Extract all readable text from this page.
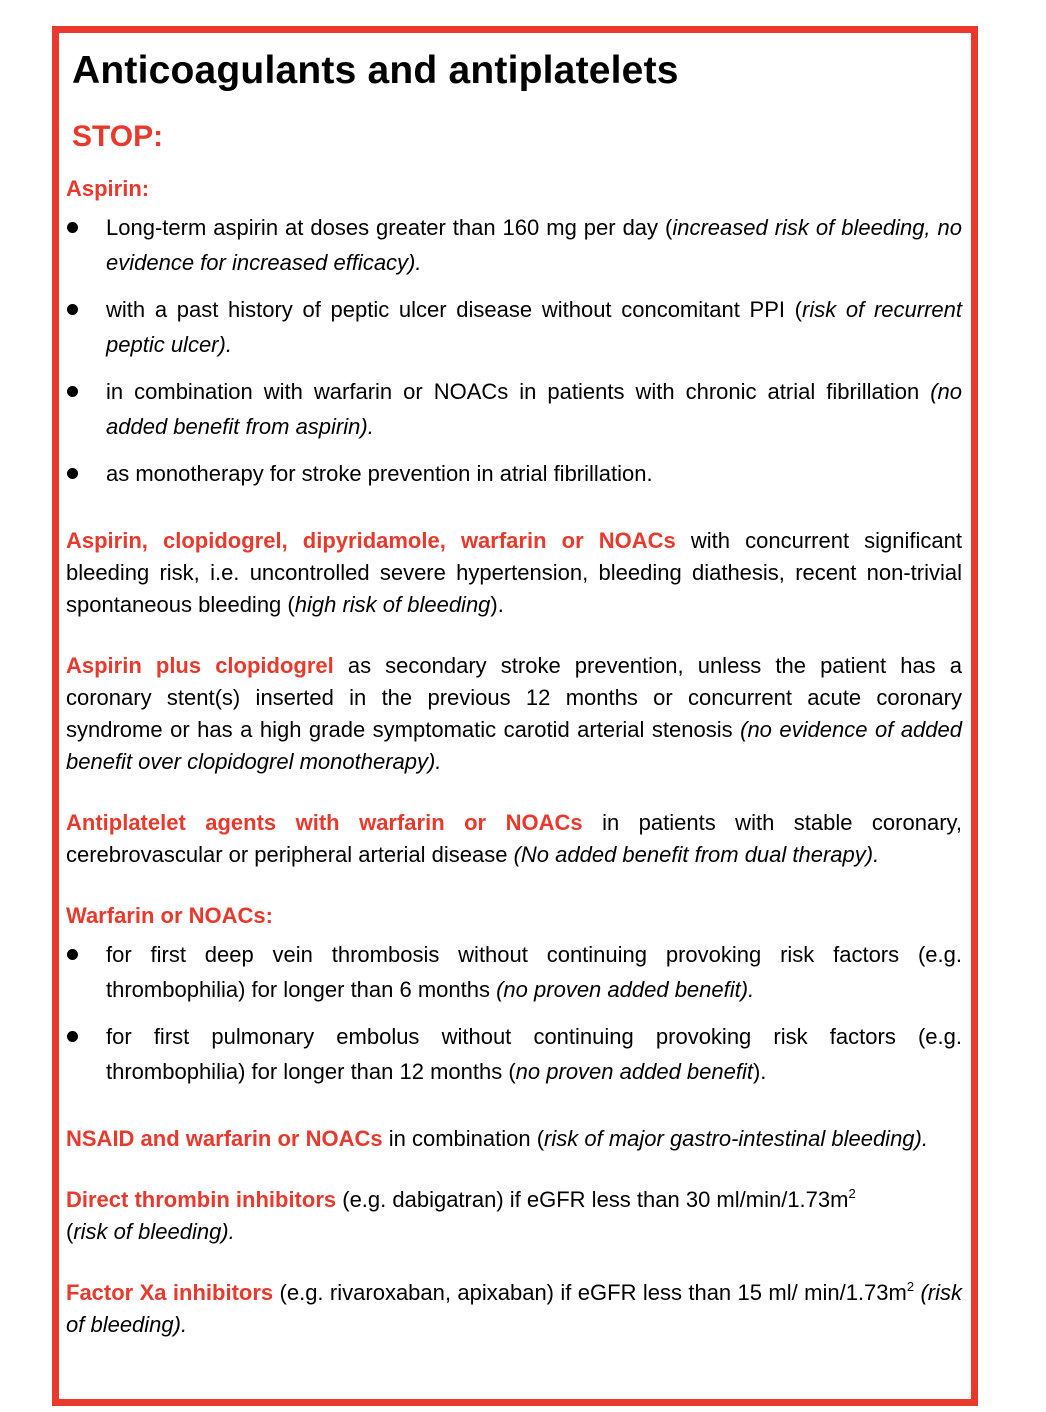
Anticoagulants and antiplatelets
STOP:

Aspirin:

Long-term aspirin at doses greater than 160 mg per day (increased risk of bleeding, no evidence for increased efficacy).
with a past history of peptic ulcer disease without concomitant PPI (risk of recurrent peptic ulcer).
in combination with warfarin or NOACs in patients with chronic atrial fibrillation (no added benefit from aspirin).
as monotherapy for stroke prevention in atrial fibrillation.

Aspirin, clopidogrel, dipyridamole, warfarin or NOACs with concurrent significant bleeding risk, i.e. uncontrolled severe hypertension, bleeding diathesis, recent non-trivial spontaneous bleeding (high risk of bleeding).

Aspirin plus clopidogrel as secondary stroke prevention, unless the patient has a coronary stent(s) inserted in the previous 12 months or concurrent acute coronary syndrome or has a high grade symptomatic carotid arterial stenosis (no evidence of added benefit over clopidogrel monotherapy).

Antiplatelet agents with warfarin or NOACs in patients with stable coronary, cerebrovascular or peripheral arterial disease (No added benefit from dual therapy).

Warfarin or NOACs:

for first deep vein thrombosis without continuing provoking risk factors (e.g. thrombophilia) for longer than 6 months (no proven added benefit).
for first pulmonary embolus without continuing provoking risk factors (e.g. thrombophilia) for longer than 12 months (no proven added benefit).

NSAID and warfarin or NOACs in combination (risk of major gastro-intestinal bleeding).

Direct thrombin inhibitors (e.g. dabigatran) if eGFR less than 30 $ml/\min/1.73m^2$
(risk of bleeding).

Factor Xa inhibitors (e.g. rivaroxaban, apixaban) if eGFR less than 15 ml/ $\min/1.73m^2$ (risk of bleeding).
